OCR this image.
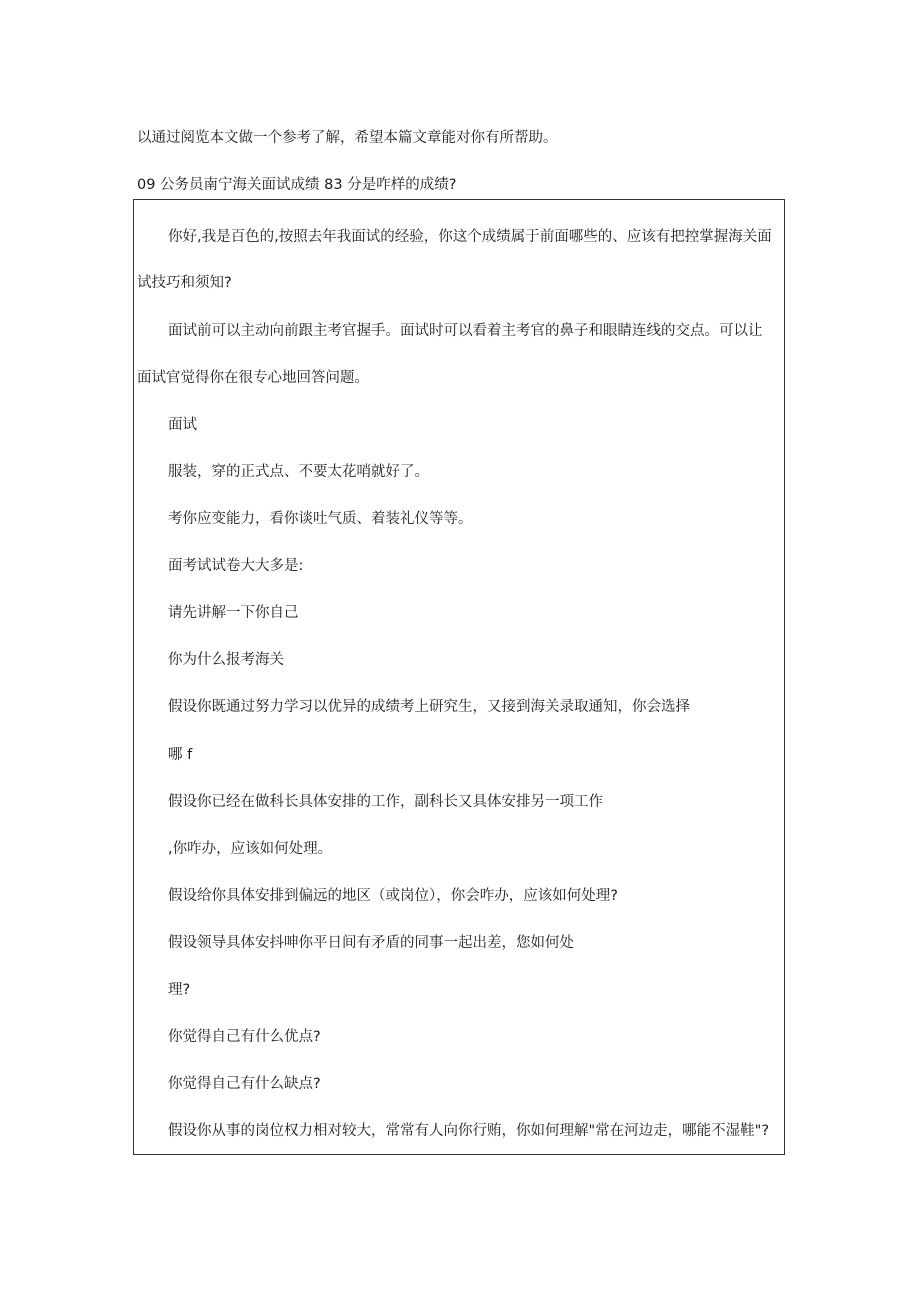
以通过阅览本文做一个参考了解，希望本篇文章能对你有所帮助。

09 公务员南宁海关面试成绩 83 分是咋样的成绩?

你好,我是百色的,按照去年我面试的经验，你这个成绩属于前面哪些的、应该有把控掌握海关面

试技巧和须知?

面试前可以主动向前跟主考官握手。面试时可以看着主考官的鼻子和眼睛连线的交点。可以让

面试官觉得你在很专心地回答问题。

面试

服装，穿的正式点、不要太花哨就好了。

考你应变能力，看你谈吐气质、着装礼仪等等。

面考试试卷大大多是:

请先讲解一下你自己

你为什么报考海关

假设你既通过努力学习以优异的成绩考上研究生，又接到海关录取通知，你会选择

哪 f

假设你已经在做科长具体安排的工作，副科长又具体安排另一项工作

,你咋办，应该如何处理。

假设给你具体安排到偏远的地区（或岗位），你会咋办，应该如何处理?

假设领导具体安抖呻你平日间有矛盾的同事一起出差，您如何处

理?

你觉得自己有什么优点?

你觉得自己有什么缺点?

假设你从事的岗位权力相对较大，常常有人向你行贿，你如何理解"常在河边走，哪能不湿鞋"?
